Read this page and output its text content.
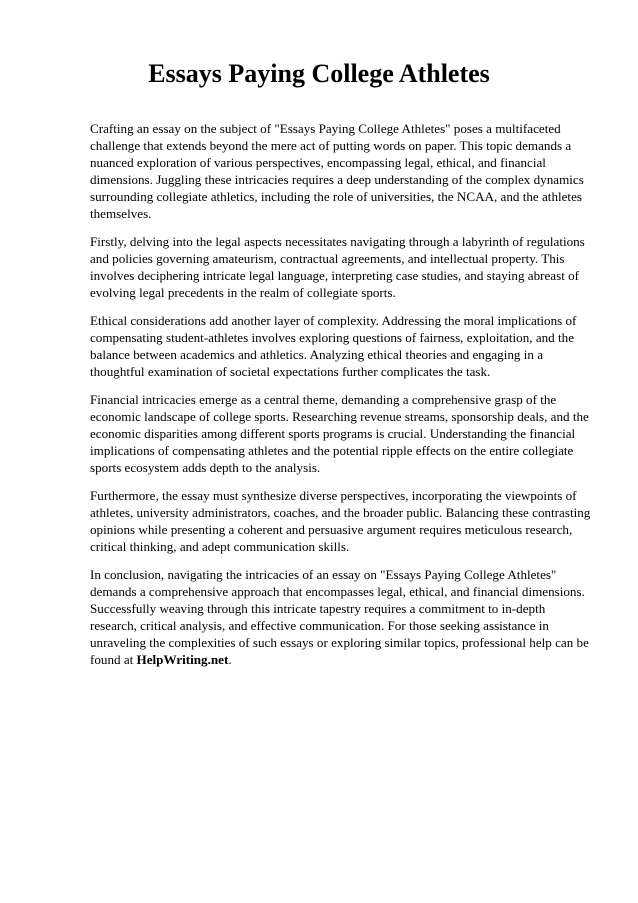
Essays Paying College Athletes

Crafting an essay on the subject of "Essays Paying College Athletes" poses a multifaceted challenge that extends beyond the mere act of putting words on paper. This topic demands a nuanced exploration of various perspectives, encompassing legal, ethical, and financial dimensions. Juggling these intricacies requires a deep understanding of the complex dynamics surrounding collegiate athletics, including the role of universities, the NCAA, and the athletes themselves.

Firstly, delving into the legal aspects necessitates navigating through a labyrinth of regulations and policies governing amateurism, contractual agreements, and intellectual property. This involves deciphering intricate legal language, interpreting case studies, and staying abreast of evolving legal precedents in the realm of collegiate sports.

Ethical considerations add another layer of complexity. Addressing the moral implications of compensating student-athletes involves exploring questions of fairness, exploitation, and the balance between academics and athletics. Analyzing ethical theories and engaging in a thoughtful examination of societal expectations further complicates the task.

Financial intricacies emerge as a central theme, demanding a comprehensive grasp of the economic landscape of college sports. Researching revenue streams, sponsorship deals, and the economic disparities among different sports programs is crucial. Understanding the financial implications of compensating athletes and the potential ripple effects on the entire collegiate sports ecosystem adds depth to the analysis.

Furthermore, the essay must synthesize diverse perspectives, incorporating the viewpoints of athletes, university administrators, coaches, and the broader public. Balancing these contrasting opinions while presenting a coherent and persuasive argument requires meticulous research, critical thinking, and adept communication skills.

In conclusion, navigating the intricacies of an essay on "Essays Paying College Athletes" demands a comprehensive approach that encompasses legal, ethical, and financial dimensions. Successfully weaving through this intricate tapestry requires a commitment to in-depth research, critical analysis, and effective communication. For those seeking assistance in unraveling the complexities of such essays or exploring similar topics, professional help can be found at HelpWriting.net.
